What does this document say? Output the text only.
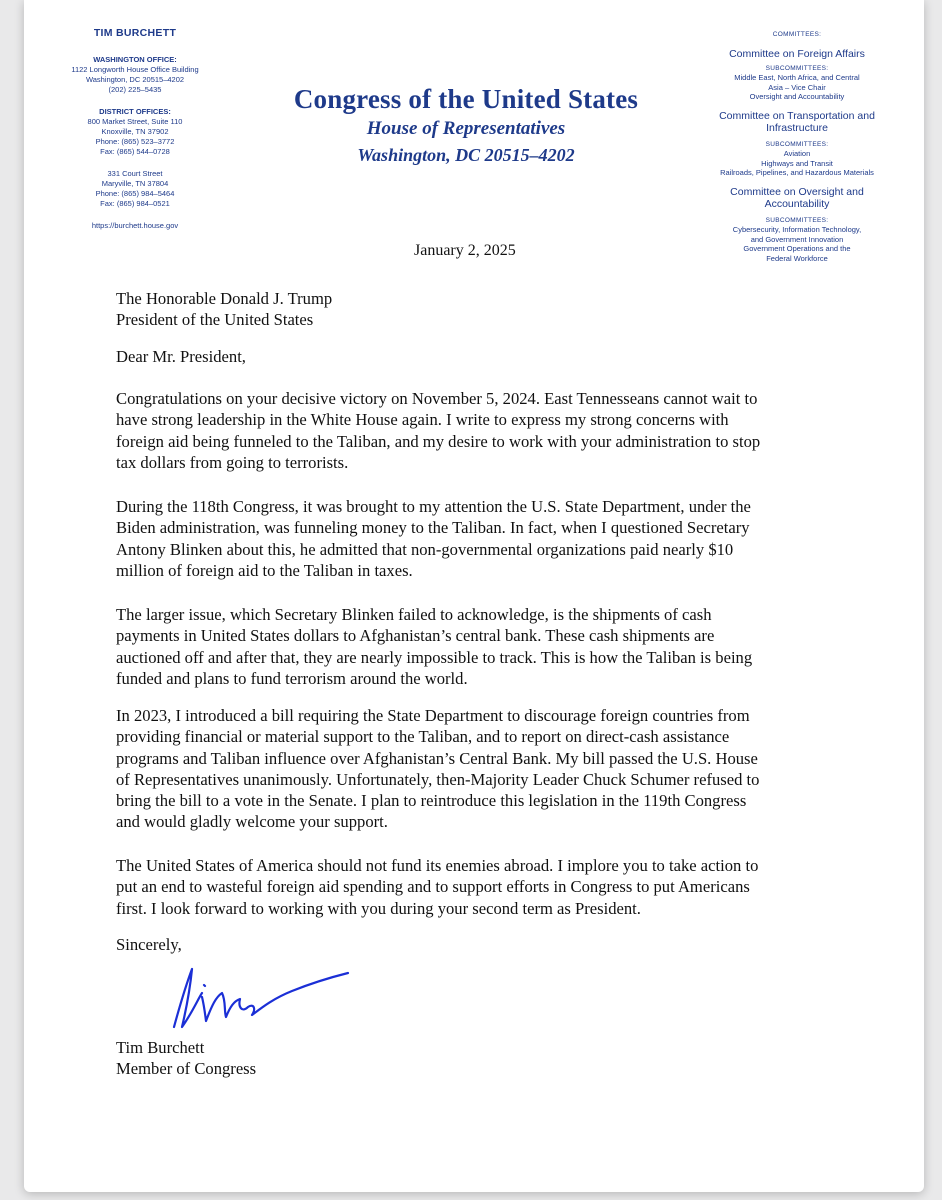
TIM BURCHETT
WASHINGTON OFFICE:
1122 Longworth House Office Building
Washington, DC 20515–4202
(202) 225–5435
DISTRICT OFFICES:
800 Market Street, Suite 110
Knoxville, TN 37902
Phone: (865) 523–3772
Fax: (865) 544–0728
331 Court Street
Maryville, TN 37804
Phone: (865) 984–5464
Fax: (865) 984–0521
https://burchett.house.gov
Congress of the United States
House of Representatives
Washington, DC 20515–4202
COMMITTEES:
Committee on Foreign Affairs
SUBCOMMITTEES:
Middle East, North Africa, and Central
Asia – Vice Chair
Oversight and Accountability
Committee on Transportation and
Infrastructure
SUBCOMMITTEES:
Aviation
Highways and Transit
Railroads, Pipelines, and Hazardous Materials
Committee on Oversight and
Accountability
SUBCOMMITTEES:
Cybersecurity, Information Technology,
and Government Innovation
Government Operations and the
Federal Workforce
January 2, 2025
The Honorable Donald J. Trump
President of the United States
Dear Mr. President,
Congratulations on your decisive victory on November 5, 2024. East Tennesseans cannot wait to
have strong leadership in the White House again. I write to express my strong concerns with
foreign aid being funneled to the Taliban, and my desire to work with your administration to stop
tax dollars from going to terrorists.
During the 118th Congress, it was brought to my attention the U.S. State Department, under the
Biden administration, was funneling money to the Taliban. In fact, when I questioned Secretary
Antony Blinken about this, he admitted that non-governmental organizations paid nearly $10
million of foreign aid to the Taliban in taxes.
The larger issue, which Secretary Blinken failed to acknowledge, is the shipments of cash
payments in United States dollars to Afghanistan’s central bank. These cash shipments are
auctioned off and after that, they are nearly impossible to track. This is how the Taliban is being
funded and plans to fund terrorism around the world.
In 2023, I introduced a bill requiring the State Department to discourage foreign countries from
providing financial or material support to the Taliban, and to report on direct-cash assistance
programs and Taliban influence over Afghanistan’s Central Bank. My bill passed the U.S. House
of Representatives unanimously. Unfortunately, then-Majority Leader Chuck Schumer refused to
bring the bill to a vote in the Senate. I plan to reintroduce this legislation in the 119th Congress
and would gladly welcome your support.
The United States of America should not fund its enemies abroad. I implore you to take action to
put an end to wasteful foreign aid spending and to support efforts in Congress to put Americans
first. I look forward to working with you during your second term as President.
Sincerely,
Tim Burchett
Member of Congress
